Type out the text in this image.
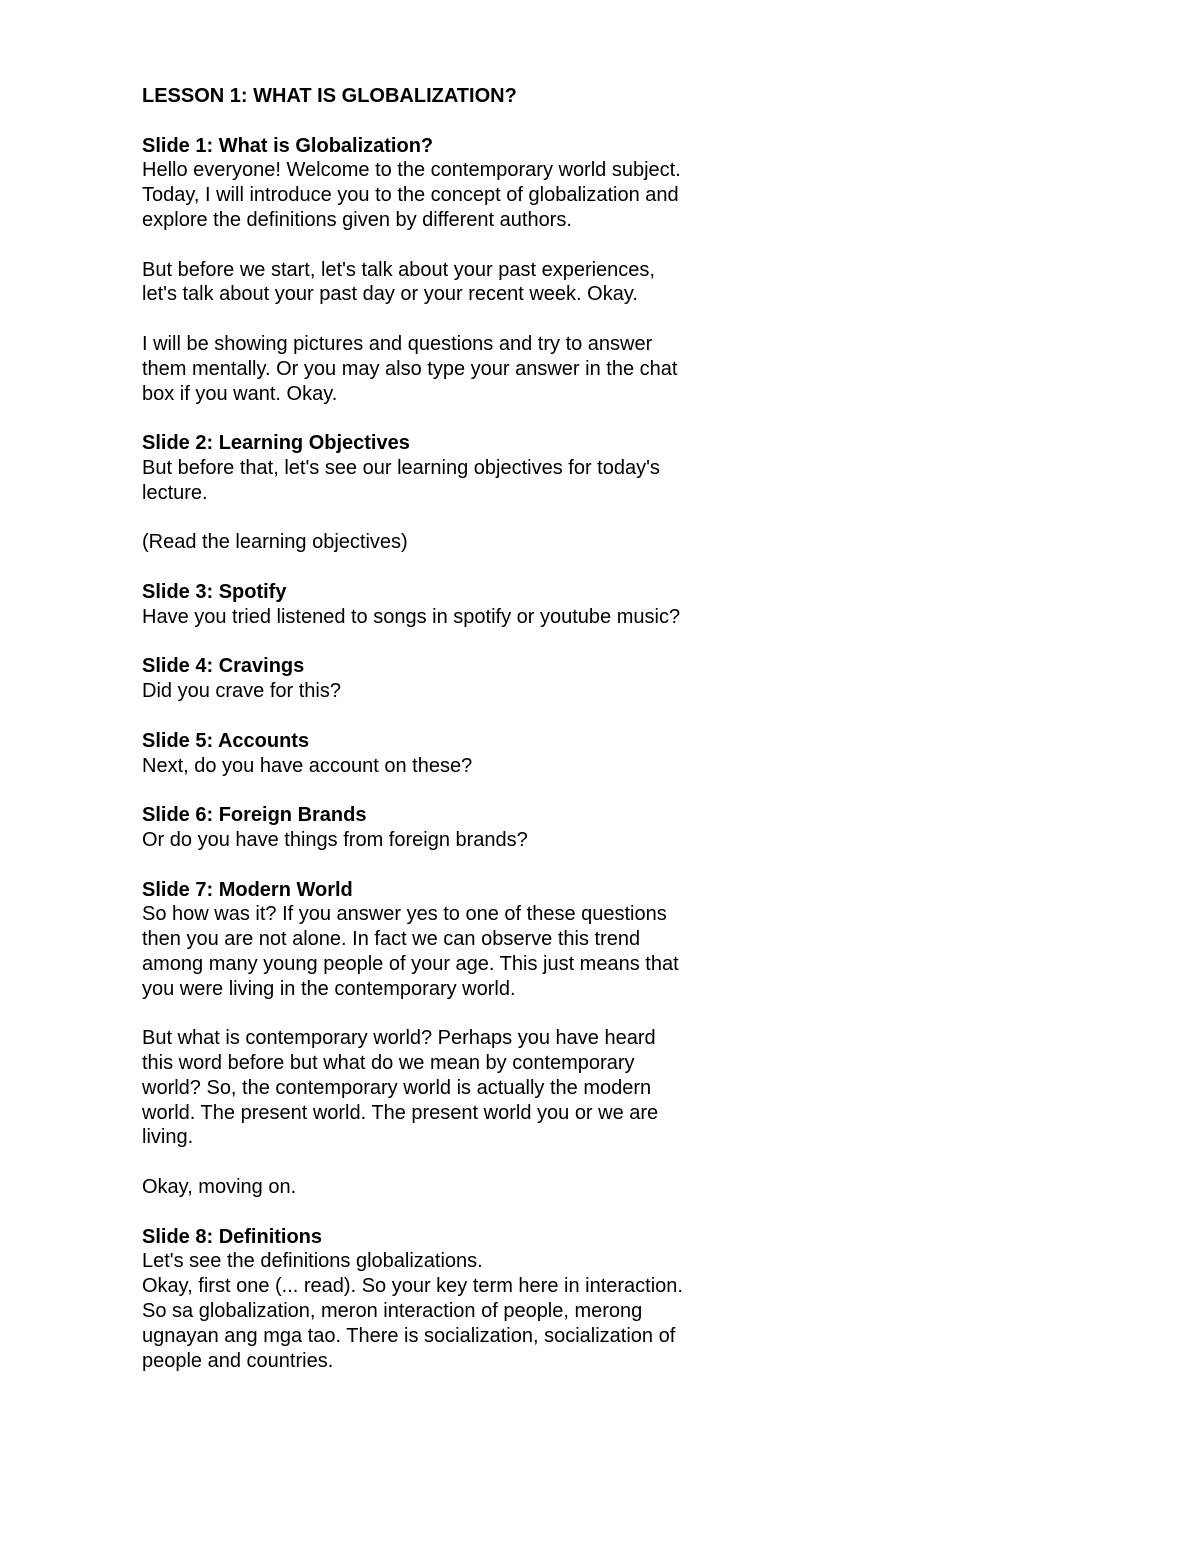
LESSON 1: WHAT IS GLOBALIZATION?
Slide 1: What is Globalization?
Hello everyone! Welcome to the contemporary world subject.
Today, I will introduce you to the concept of globalization and
explore the definitions given by different authors.
But before we start, let's talk about your past experiences,
let's talk about your past day or your recent week. Okay.
I will be showing pictures and questions and try to answer
them mentally. Or you may also type your answer in the chat
box if you want. Okay.
Slide 2: Learning Objectives
But before that, let's see our learning objectives for today's
lecture.
(Read the learning objectives)
Slide 3: Spotify
Have you tried listened to songs in spotify or youtube music?
Slide 4: Cravings
Did you crave for this?
Slide 5: Accounts
Next, do you have account on these?
Slide 6: Foreign Brands
Or do you have things from foreign brands?
Slide 7: Modern World
So how was it? If you answer yes to one of these questions
then you are not alone. In fact we can observe this trend
among many young people of your age. This just means that
you were living in the contemporary world.
But what is contemporary world? Perhaps you have heard
this word before but what do we mean by contemporary
world? So, the contemporary world is actually the modern
world. The present world. The present world you or we are
living.
Okay, moving on.
Slide 8: Definitions
Let's see the definitions globalizations.
Okay, first one (... read). So your key term here in interaction.
So sa globalization, meron interaction of people, merong
ugnayan ang mga tao. There is socialization, socialization of
people and countries.
